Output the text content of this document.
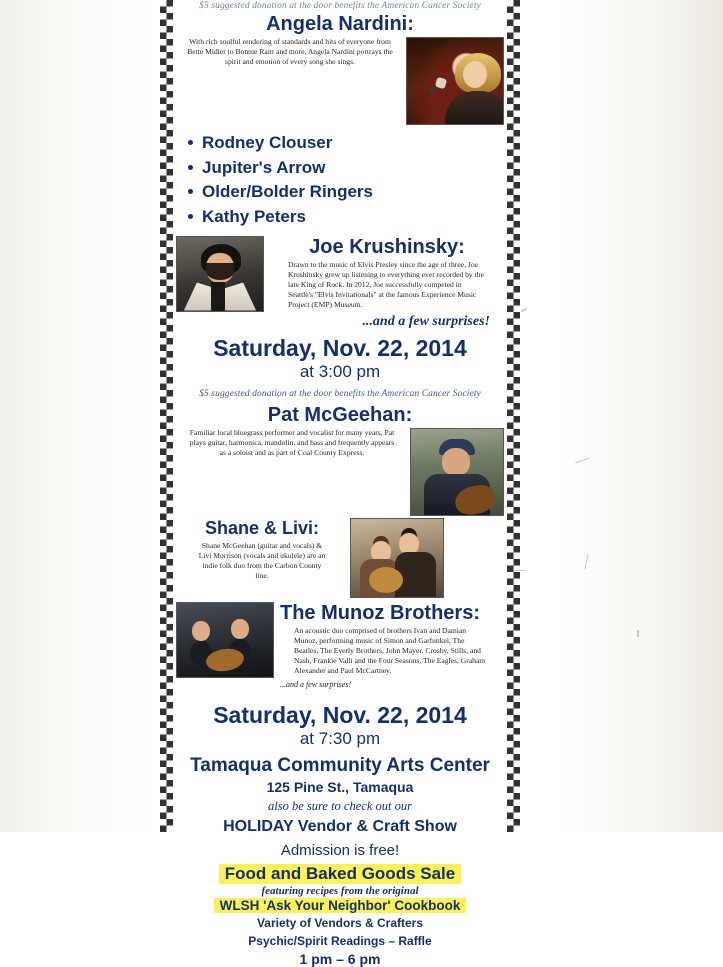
$5 suggested donation at the door benefits the American Cancer Society
Angela Nardini:
With rich soulful rendering of standards and hits of everyone from Bette Midler to Bonnie Raitt and more, Angela Nardini portrays the spirit and emotion of every song she sings.
Rodney Clouser
Jupiter's Arrow
Older/Bolder Ringers
Kathy Peters
Joe Krushinsky:
Drawn to the music of Elvis Presley since the age of three, Joe Krushinsky grew up listening to everything ever recorded by the late King of Rock. In 2012, Joe successfully competed in Seattle's "Elvis Invitationals" at the famous Experience Music Project (EMP) Museum.
...and a few surprises!
Saturday, Nov. 22, 2014
at 3:00 pm
$5 suggested donation at the door benefits the American Cancer Society
Pat McGeehan:
Familiar local bluegrass performer and vocalist for many years, Pat plays guitar, harmonica, mandolin, and bass and frequently appears as a soloist and as part of Coal County Express.
Shane & Livi:
Shane McGeehan (guitar and vocals) & Livi Morrison (vocals and ukulele) are an indie folk duo from the Carbon County line.
The Munoz Brothers:
An acoustic duo comprised of brothers Ivan and Damian Munoz, performing music of Simon and Garfunkel, The Beatles, The Everly Brothers, John Mayer, Crosby, Stills, and Nash, Frankie Valli and the Four Seasons, The Eagles, Graham Alexander and Paul McCartney.
...and a few surprises!
Saturday, Nov. 22, 2014
at 7:30 pm
Tamaqua Community Arts Center
125 Pine St., Tamaqua
also be sure to check out our
HOLIDAY Vendor & Craft Show
Admission is free!
Food and Baked Goods Sale
featuring recipes from the original
WLSH 'Ask Your Neighbor' Cookbook
Variety of Vendors & Crafters
Psychic/Spirit Readings – Raffle
1 pm – 6 pm
